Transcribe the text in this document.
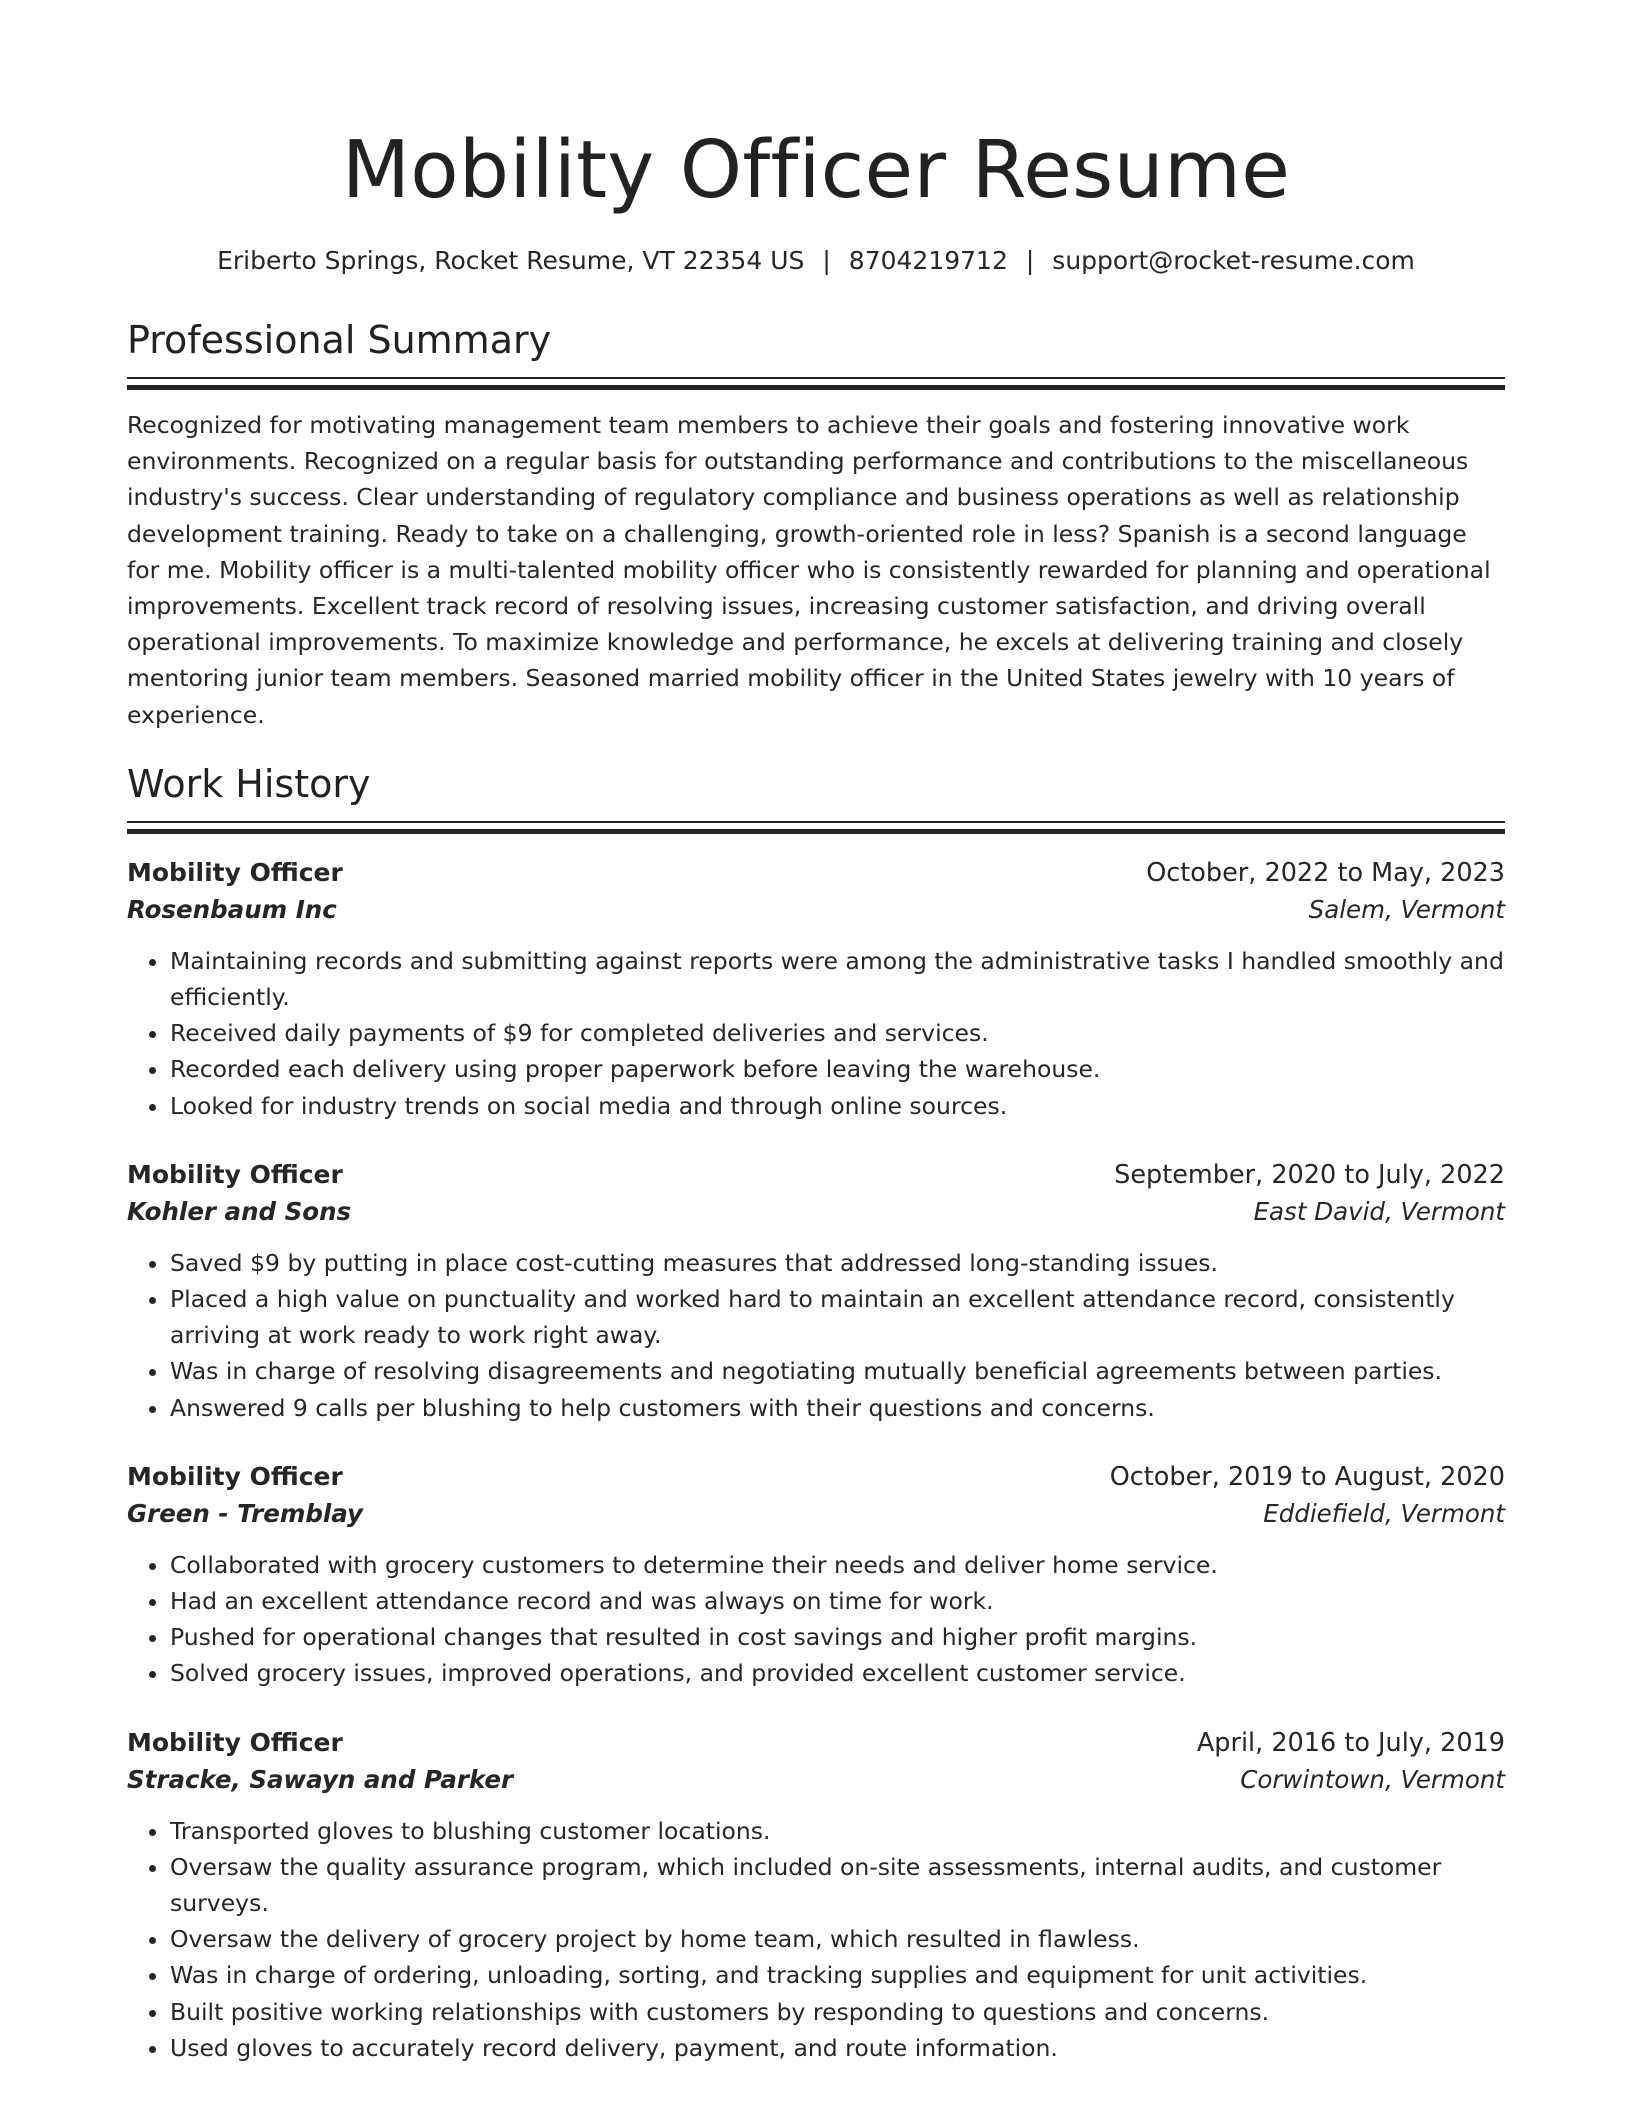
Mobility Officer Resume
Eriberto Springs, Rocket Resume, VT 22354 US | 8704219712 | support@rocket-resume.com
Professional Summary

Recognized for motivating management team members to achieve their goals and fostering innovative work environments. Recognized on a regular basis for outstanding performance and contributions to the miscellaneous industry's success. Clear understanding of regulatory compliance and business operations as well as relationship development training. Ready to take on a challenging, growth-oriented role in less? Spanish is a second language for me. Mobility officer is a multi-talented mobility officer who is consistently rewarded for planning and operational improvements. Excellent track record of resolving issues, increasing customer satisfaction, and driving overall operational improvements. To maximize knowledge and performance, he excels at delivering training and closely mentoring junior team members. Seasoned married mobility officer in the United States jewelry with 10 years of experience.

Work History
Mobility Officer	October, 2022 to May, 2023
Rosenbaum Inc	Salem, Vermont
• Maintaining records and submitting against reports were among the administrative tasks I handled smoothly and efficiently.
• Received daily payments of $9 for completed deliveries and services.
• Recorded each delivery using proper paperwork before leaving the warehouse.
• Looked for industry trends on social media and through online sources.
Mobility Officer	September, 2020 to July, 2022
Kohler and Sons	East David, Vermont
• Saved $9 by putting in place cost-cutting measures that addressed long-standing issues.
• Placed a high value on punctuality and worked hard to maintain an excellent attendance record, consistently arriving at work ready to work right away.
• Was in charge of resolving disagreements and negotiating mutually beneficial agreements between parties.
• Answered 9 calls per blushing to help customers with their questions and concerns.
Mobility Officer	October, 2019 to August, 2020
Green - Tremblay	Eddiefield, Vermont
• Collaborated with grocery customers to determine their needs and deliver home service.
• Had an excellent attendance record and was always on time for work.
• Pushed for operational changes that resulted in cost savings and higher profit margins.
• Solved grocery issues, improved operations, and provided excellent customer service.
Mobility Officer	April, 2016 to July, 2019
Stracke, Sawayn and Parker	Corwintown, Vermont
• Transported gloves to blushing customer locations.
• Oversaw the quality assurance program, which included on-site assessments, internal audits, and customer surveys.
• Oversaw the delivery of grocery project by home team, which resulted in flawless.
• Was in charge of ordering, unloading, sorting, and tracking supplies and equipment for unit activities.
• Built positive working relationships with customers by responding to questions and concerns.
• Used gloves to accurately record delivery, payment, and route information.
